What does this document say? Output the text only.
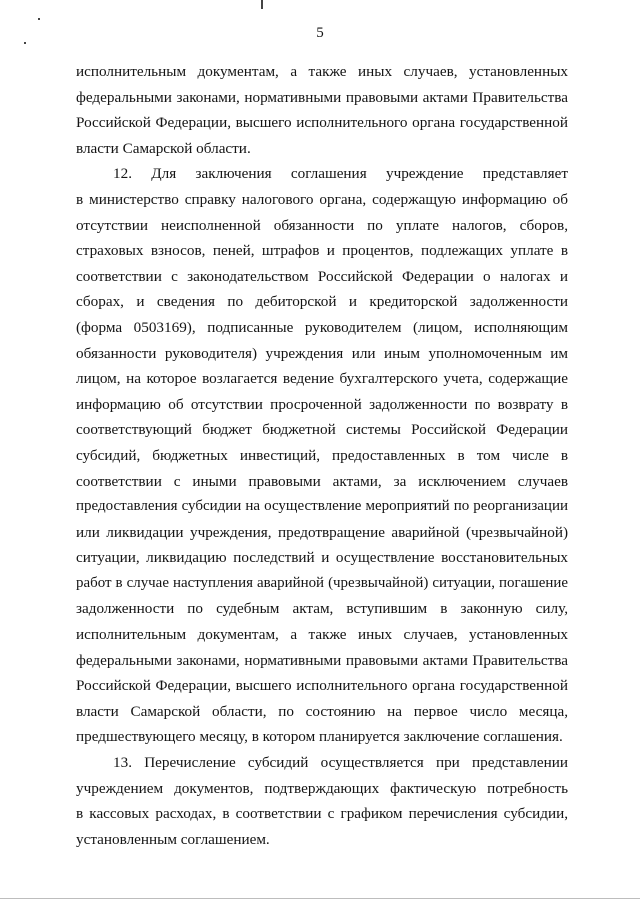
5

исполнительным документам, а также иных случаев, установленных
федеральными законами, нормативными правовыми актами Правительства
Российской Федерации, высшего исполнительного органа государственной
власти Самарской области.

12. Для заключения соглашения учреждение представляет
в министерство справку налогового органа, содержащую информацию об
отсутствии неисполненной обязанности по уплате налогов, сборов,
страховых взносов, пеней, штрафов и процентов, подлежащих уплате в
соответствии с законодательством Российской Федерации о налогах и
сборах, и сведения по дебиторской и кредиторской задолженности
(форма 0503169), подписанные руководителем (лицом, исполняющим
обязанности руководителя) учреждения или иным уполномоченным им
лицом, на которое возлагается ведение бухгалтерского учета, содержащие
информацию об отсутствии просроченной задолженности по возврату в
соответствующий бюджет бюджетной системы Российской Федерации
субсидий, бюджетных инвестиций, предоставленных в том числе в
соответствии с иными правовыми актами, за исключением случаев
предоставления субсидии на осуществление мероприятий по реорганизации
или ликвидации учреждения, предотвращение аварийной (чрезвычайной)
ситуации, ликвидацию последствий и осуществление восстановительных
работ в случае наступления аварийной (чрезвычайной) ситуации, погашение
задолженности по судебным актам, вступившим в законную силу,
исполнительным документам, а также иных случаев, установленных
федеральными законами, нормативными правовыми актами Правительства
Российской Федерации, высшего исполнительного органа государственной
власти Самарской области, по состоянию на первое число месяца,
предшествующего месяцу, в котором планируется заключение соглашения.

13. Перечисление субсидий осуществляется при представлении
учреждением документов, подтверждающих фактическую потребность
в кассовых расходах, в соответствии с графиком перечисления субсидии,
установленным соглашением.
